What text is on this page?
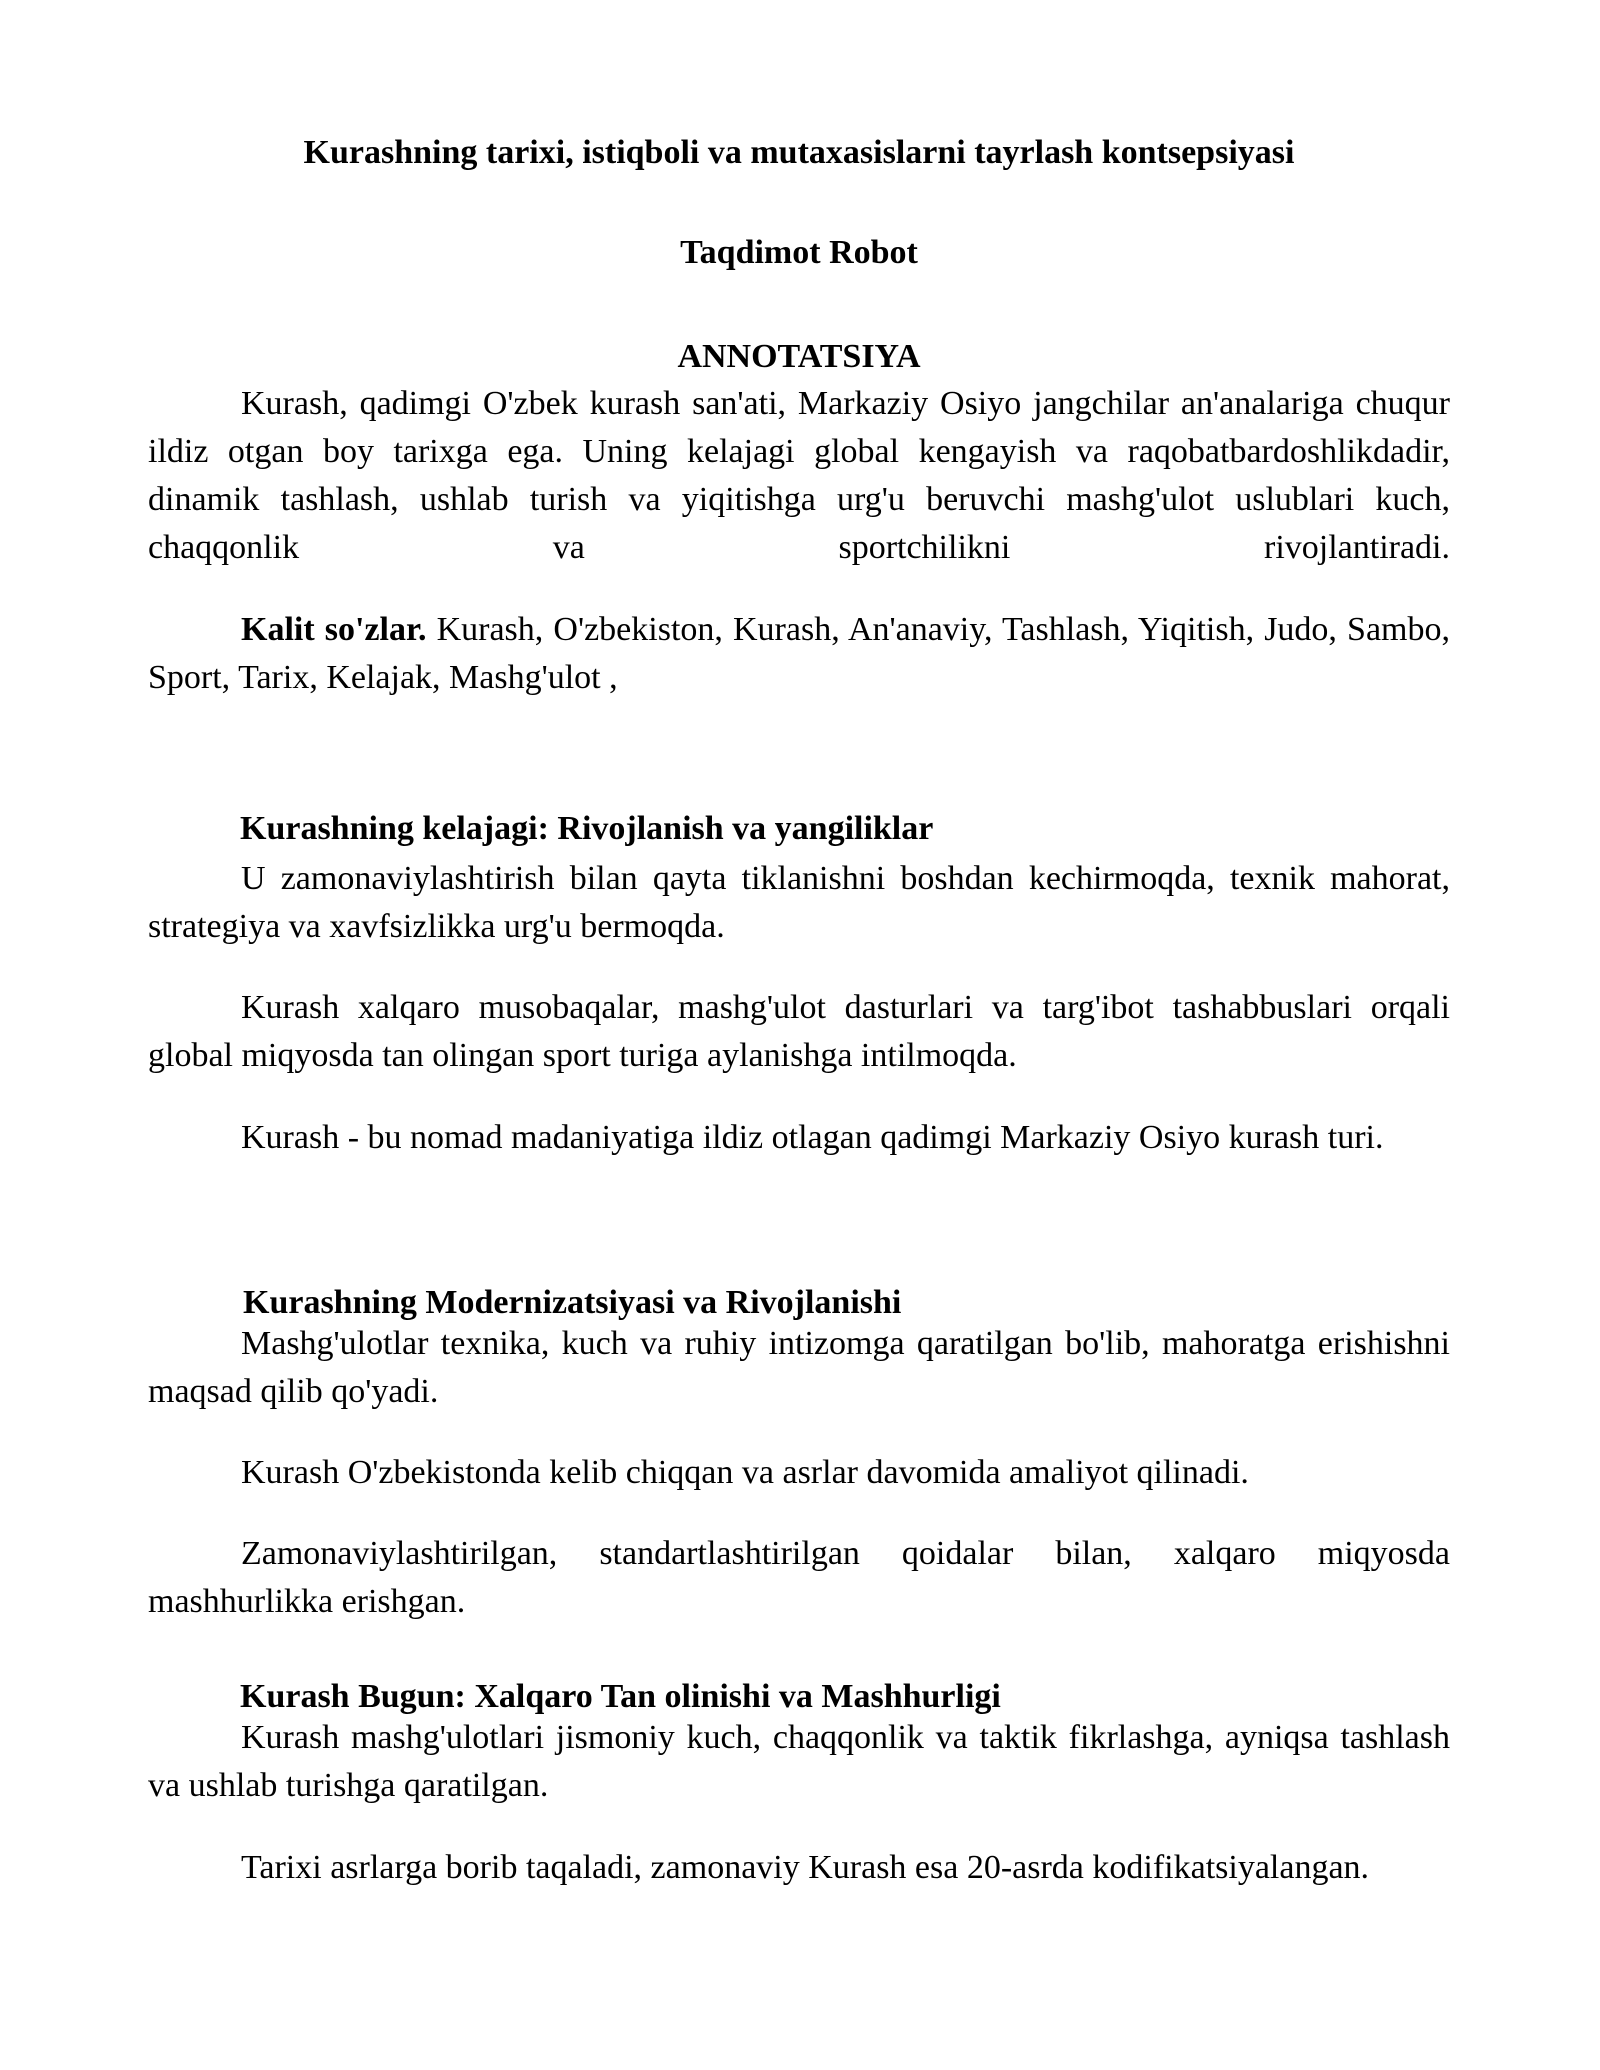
Kurashning tarixi, istiqboli va mutaxasislarni tayrlash kontsepsiyasi
Taqdimot Robot
ANNOTATSIYA

Kurash, qadimgi O'zbek kurash san'ati, Markaziy Osiyo jangchilar an'analariga chuqur ildiz otgan boy tarixga ega. Uning kelajagi global kengayish va raqobatbardoshlikdadir, dinamik tashlash, ushlab turish va yiqitishga urg'u beruvchi mashg'ulot uslublari kuch, chaqqonlik va sportchilikni rivojlantiradi.

Kalit so'zlar. Kurash, O'zbekiston, Kurash, An'anaviy, Tashlash, Yiqitish, Judo, Sambo, Sport, Tarix, Kelajak, Mashg'ulot ,

Kurashning kelajagi: Rivojlanish va yangiliklar

U zamonaviylashtirish bilan qayta tiklanishni boshdan kechirmoqda, texnik mahorat, strategiya va xavfsizlikka urg'u bermoqda.

Kurash xalqaro musobaqalar, mashg'ulot dasturlari va targ'ibot tashabbuslari orqali global miqyosda tan olingan sport turiga aylanishga intilmoqda.

Kurash - bu nomad madaniyatiga ildiz otlagan qadimgi Markaziy Osiyo kurash turi.

Kurashning Modernizatsiyasi va Rivojlanishi

Mashg'ulotlar texnika, kuch va ruhiy intizomga qaratilgan bo'lib, mahoratga erishishni maqsad qilib qo'yadi.

Kurash O'zbekistonda kelib chiqqan va asrlar davomida amaliyot qilinadi.

Zamonaviylashtirilgan, standartlashtirilgan qoidalar bilan, xalqaro miqyosda mashhurlikka erishgan.

Kurash Bugun: Xalqaro Tan olinishi va Mashhurligi

Kurash mashg'ulotlari jismoniy kuch, chaqqonlik va taktik fikrlashga, ayniqsa tashlash va ushlab turishga qaratilgan.

Tarixi asrlarga borib taqaladi, zamonaviy Kurash esa 20-asrda kodifikatsiyalangan.
